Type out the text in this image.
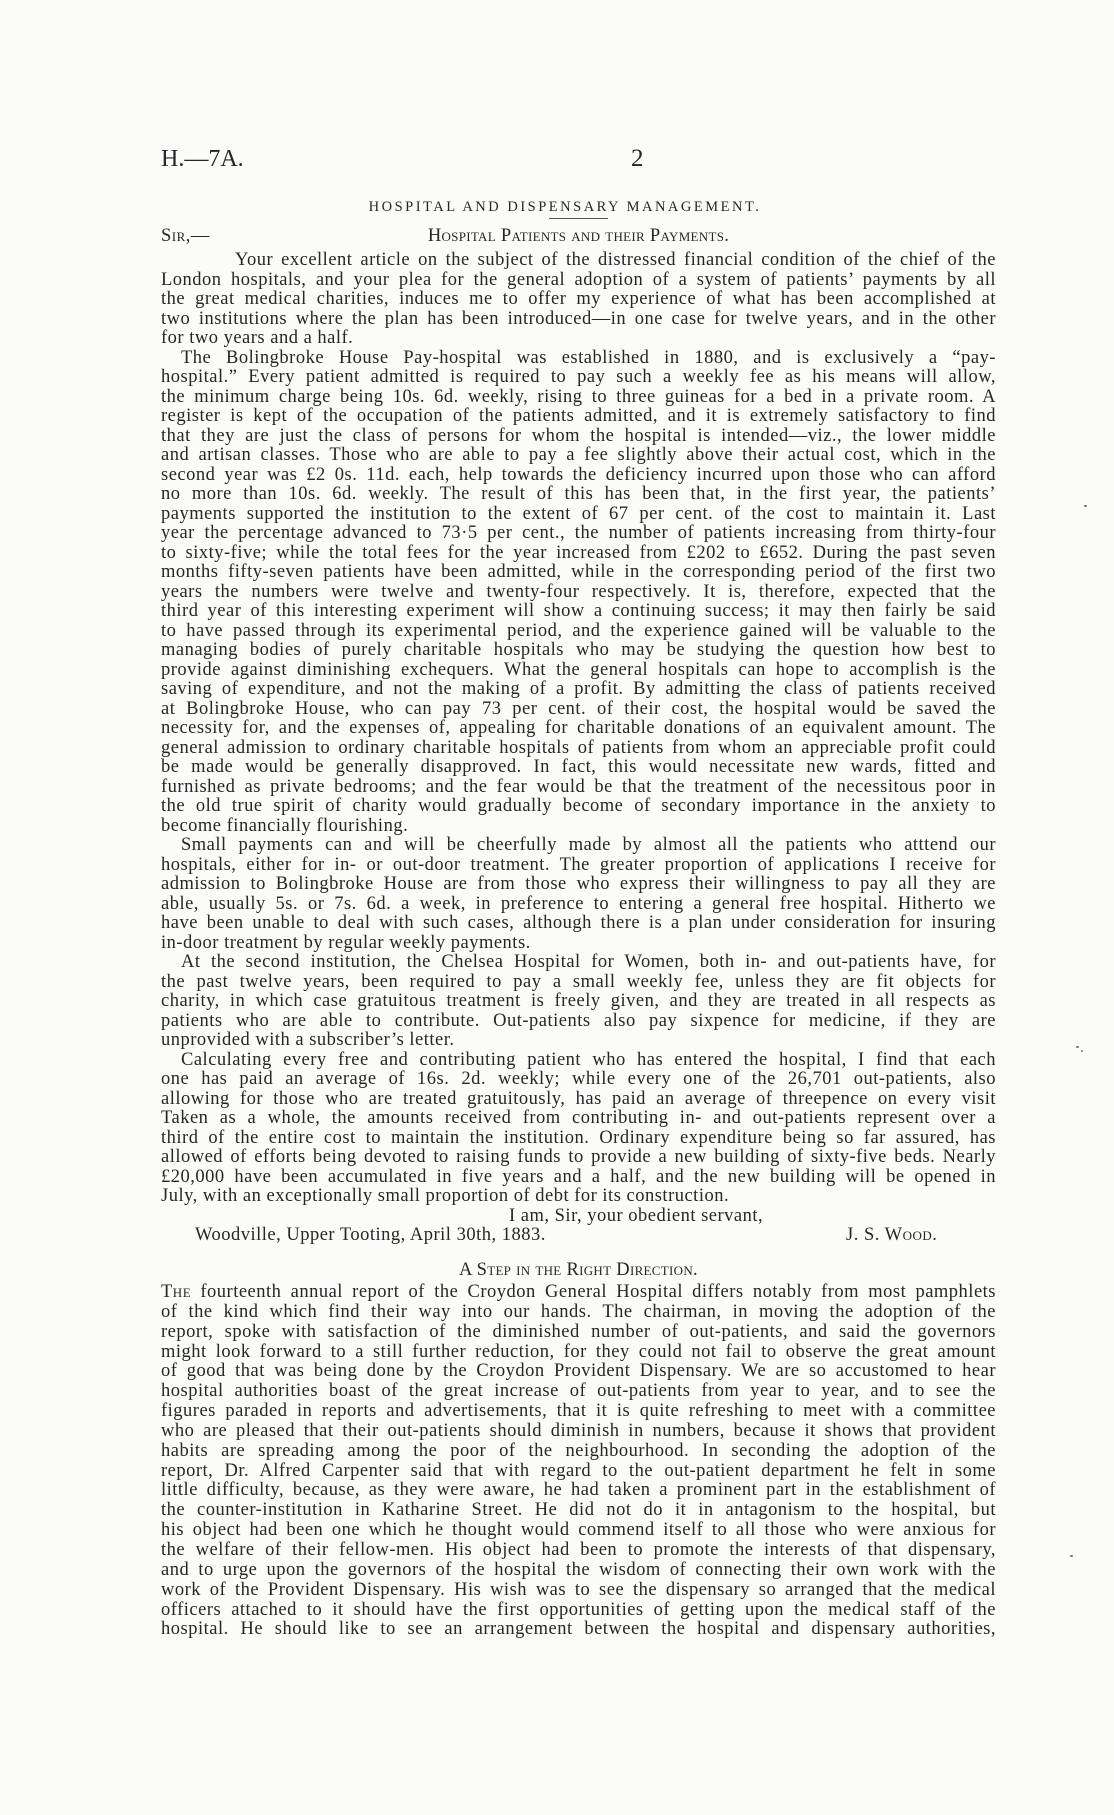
H.—7A.	2
HOSPITAL AND DISPENSARY MANAGEMENT.
Sir,—	Hospital Patients and their Payments.
Your excellent article on the subject of the distressed financial condition of the chief of the
London hospitals, and your plea for the general adoption of a system of patients’ payments by all
the great medical charities, induces me to offer my experience of what has been accomplished at
two institutions where the plan has been introduced—in one case for twelve years, and in the other
for two years and a half.
The Bolingbroke House Pay-hospital was established in 1880, and is exclusively a “pay-
hospital.” Every patient admitted is required to pay such a weekly fee as his means will allow,
the minimum charge being 10s. 6d. weekly, rising to three guineas for a bed in a private room. A
register is kept of the occupation of the patients admitted, and it is extremely satisfactory to find
that they are just the class of persons for whom the hospital is intended—viz., the lower middle
and artisan classes. Those who are able to pay a fee slightly above their actual cost, which in the
second year was £2 0s. 11d. each, help towards the deficiency incurred upon those who can afford
no more than 10s. 6d. weekly. The result of this has been that, in the first year, the patients’
payments supported the institution to the extent of 67 per cent. of the cost to maintain it. Last
year the percentage advanced to 73·5 per cent., the number of patients increasing from thirty-four
to sixty-five; while the total fees for the year increased from £202 to £652. During the past seven
months fifty-seven patients have been admitted, while in the corresponding period of the first two
years the numbers were twelve and twenty-four respectively. It is, therefore, expected that the
third year of this interesting experiment will show a continuing success; it may then fairly be said
to have passed through its experimental period, and the experience gained will be valuable to the
managing bodies of purely charitable hospitals who may be studying the question how best to
provide against diminishing exchequers. What the general hospitals can hope to accomplish is the
saving of expenditure, and not the making of a profit. By admitting the class of patients received
at Bolingbroke House, who can pay 73 per cent. of their cost, the hospital would be saved the
necessity for, and the expenses of, appealing for charitable donations of an equivalent amount. The
general admission to ordinary charitable hospitals of patients from whom an appreciable profit could
be made would be generally disapproved. In fact, this would necessitate new wards, fitted and
furnished as private bedrooms; and the fear would be that the treatment of the necessitous poor in
the old true spirit of charity would gradually become of secondary importance in the anxiety to
become financially flourishing.
Small payments can and will be cheerfully made by almost all the patients who atttend our
hospitals, either for in- or out-door treatment. The greater proportion of applications I receive for
admission to Bolingbroke House are from those who express their willingness to pay all they are
able, usually 5s. or 7s. 6d. a week, in preference to entering a general free hospital. Hitherto we
have been unable to deal with such cases, although there is a plan under consideration for insuring
in-door treatment by regular weekly payments.
At the second institution, the Chelsea Hospital for Women, both in- and out-patients have, for
the past twelve years, been required to pay a small weekly fee, unless they are fit objects for
charity, in which case gratuitous treatment is freely given, and they are treated in all respects as
patients who are able to contribute. Out-patients also pay sixpence for medicine, if they are
unprovided with a subscriber’s letter.
Calculating every free and contributing patient who has entered the hospital, I find that each
one has paid an average of 16s. 2d. weekly; while every one of the 26,701 out-patients, also
allowing for those who are treated gratuitously, has paid an average of threepence on every visit
Taken as a whole, the amounts received from contributing in- and out-patients represent over a
third of the entire cost to maintain the institution. Ordinary expenditure being so far assured, has
allowed of efforts being devoted to raising funds to provide a new building of sixty-five beds. Nearly
£20,000 have been accumulated in five years and a half, and the new building will be opened in
July, with an exceptionally small proportion of debt for its construction.
I am, Sir, your obedient servant,
Woodville, Upper Tooting, April 30th, 1883.	J. S. Wood.
A Step in the Right Direction.
The fourteenth annual report of the Croydon General Hospital differs notably from most pamphlets
of the kind which find their way into our hands. The chairman, in moving the adoption of the
report, spoke with satisfaction of the diminished number of out-patients, and said the governors
might look forward to a still further reduction, for they could not fail to observe the great amount
of good that was being done by the Croydon Provident Dispensary. We are so accustomed to hear
hospital authorities boast of the great increase of out-patients from year to year, and to see the
figures paraded in reports and advertisements, that it is quite refreshing to meet with a committee
who are pleased that their out-patients should diminish in numbers, because it shows that provident
habits are spreading among the poor of the neighbourhood. In seconding the adoption of the
report, Dr. Alfred Carpenter said that with regard to the out-patient department he felt in some
little difficulty, because, as they were aware, he had taken a prominent part in the establishment of
the counter-institution in Katharine Street. He did not do it in antagonism to the hospital, but
his object had been one which he thought would commend itself to all those who were anxious for
the welfare of their fellow-men. His object had been to promote the interests of that dispensary,
and to urge upon the governors of the hospital the wisdom of connecting their own work with the
work of the Provident Dispensary. His wish was to see the dispensary so arranged that the medical
officers attached to it should have the first opportunities of getting upon the medical staff of the
hospital. He should like to see an arrangement between the hospital and dispensary authorities,
